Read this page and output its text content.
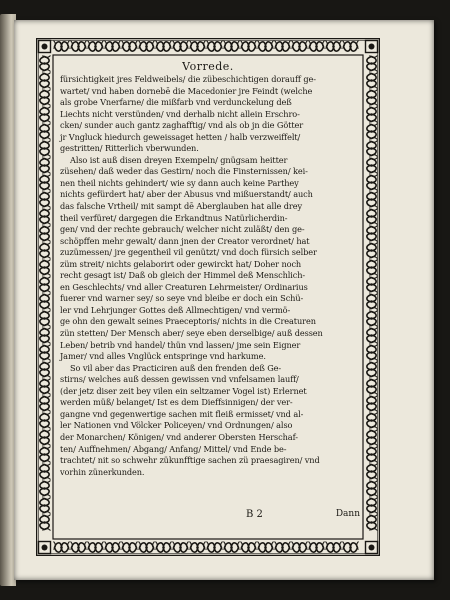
Vorrede.
fürsichtigkeit jres Feldweibels/ die zübeschichtigen dorauff ge-
wartet/ vnd haben dornebē die Macedonier jre Feindt (welche
als grobe Vnerfarne/ die mißfarb vnd verdunckelung deß
Liechts nicht verstünden/ vnd derhalb nicht allein Erschro-
cken/ sunder auch gantz zaghafftig/ vnd als ob jn die Götter
jr Vngluck hiedurch geweissaget hetten / halb verzweiffelt/
gestritten/ Ritterlich vberwunden.
Also ist auß disen dreyen Exempeln/ gnügsam heitter
züsehen/ daß weder das Gestirn/ noch die Finsternissen/ kei-
nen theil nichts gehindert/ wie sy dann auch keine Parthey
nichts gefürdert hat/ aber der Abusus vnd mißuerstandt/ auch
das falsche Vrtheil/ mit sampt dē Aberglauben hat alle drey
theil verfüret/ dargegen die Erkandtnus Natürlicherdin-
gen/ vnd der rechte gebrauch/ welcher nicht zuläßt/ den ge-
schöpffen mehr gewalt/ dann jnen der Creator verordnet/ hat
zuzümessen/ jre gegentheil vil genützt/ vnd doch fürsich selber
züm streit/ nichts gelaborirt oder gewirckt hat/ Doher noch
recht gesagt ist/ Daß ob gleich der Himmel deß Menschlich-
en Geschlechts/ vnd aller Creaturen Lehrmeister/ Ordinarius
fuerer vnd warner sey/ so seye vnd bleibe er doch ein Schü-
ler vnd Lehrjunger Gottes deß Allmechtigen/ vnd vermö-
ge ohn den gewalt seines Praeceptoris/ nichts in die Creaturen
zün stetten/ Der Mensch aber/ seye eben derselbige/ auß dessen
Leben/ betrib vnd handel/ thün vnd lassen/ jme sein Eigner
Jamer/ vnd alles Vnglück entspringe vnd harkume.
So vil aber das Practiciren auß den frenden deß Ge-
stirns/ welches auß dessen gewissen vnd vnfelsamen lauff/
(der jetz diser zeit bey vilen ein seltzamer Vogel ist) Erlernet
werden müß/ belanget/ Ist es dem Dieffsinnigen/ der ver-
gangne vnd gegenwertige sachen mit fleiß ermisset/ vnd al-
ler Nationen vnd Völcker Policeyen/ vnd Ordnungen/ also
der Monarchen/ Königen/ vnd anderer Obersten Herschaf-
ten/ Auffnehmen/ Abgang/ Anfang/ Mittel/ vnd Ende be-
trachtet/ nit so schwehr zükunfftige sachen zü praesagiren/ vnd
vorhin zünerkunden.
B 2	Dann
